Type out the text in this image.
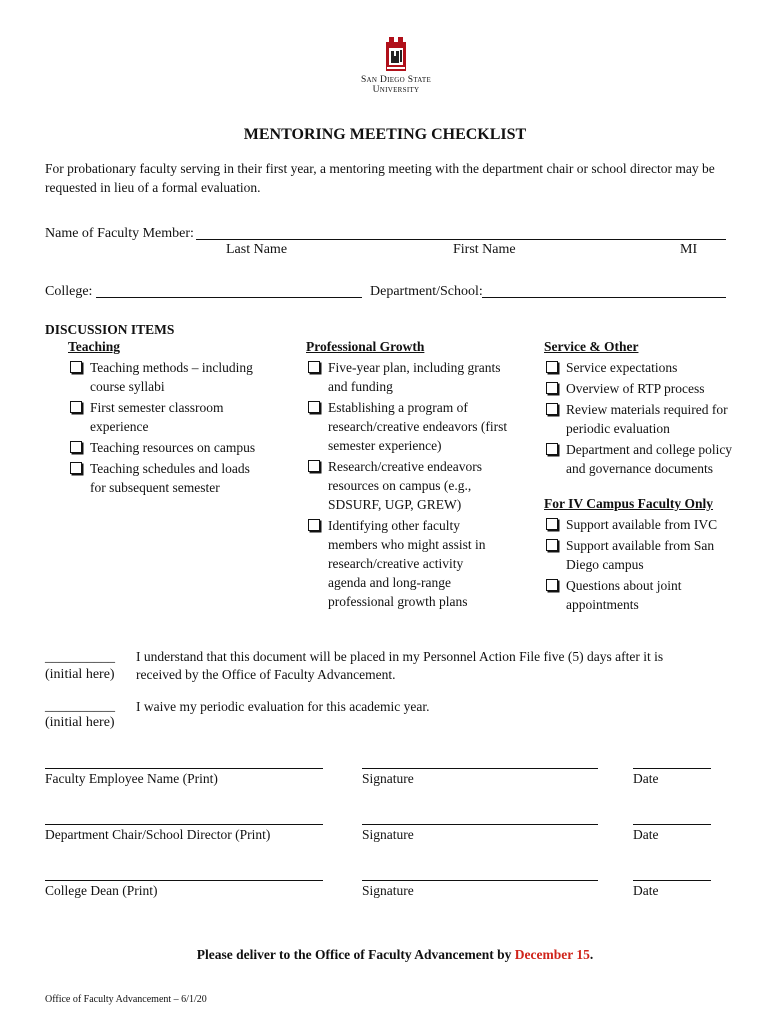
San Diego State
University
MENTORING MEETING CHECKLIST
For probationary faculty serving in their first year, a mentoring meeting with the department chair or school director may be requested in lieu of a formal evaluation.
Name of Faculty Member:
Last Name	First Name	MI
College:	Department/School:
DISCUSSION ITEMS
Teaching
Teaching methods – including course syllabi
First semester classroom experience
Teaching resources on campus
Teaching schedules and loads for subsequent semester
Professional Growth
Five-year plan, including grants and funding
Establishing a program of research/creative endeavors (first semester experience)
Research/creative endeavors resources on campus (e.g., SDSURF, UGP, GREW)
Identifying other faculty members who might assist in research/creative activity agenda and long-range professional growth plans
Service & Other
Service expectations
Overview of RTP process
Review materials required for periodic evaluation
Department and college policy and governance documents
For IV Campus Faculty Only
Support available from IVC
Support available from San Diego campus
Questions about joint appointments
__________
(initial here)
I understand that this document will be placed in my Personnel Action File five (5) days after it is received by the Office of Faculty Advancement.
__________
(initial here)
I waive my periodic evaluation for this academic year.
Faculty Employee Name (Print)	Signature	Date
Department Chair/School Director (Print)	Signature	Date
College Dean (Print)	Signature	Date
Please deliver to the Office of Faculty Advancement by December 15.
Office of Faculty Advancement – 6/1/20
